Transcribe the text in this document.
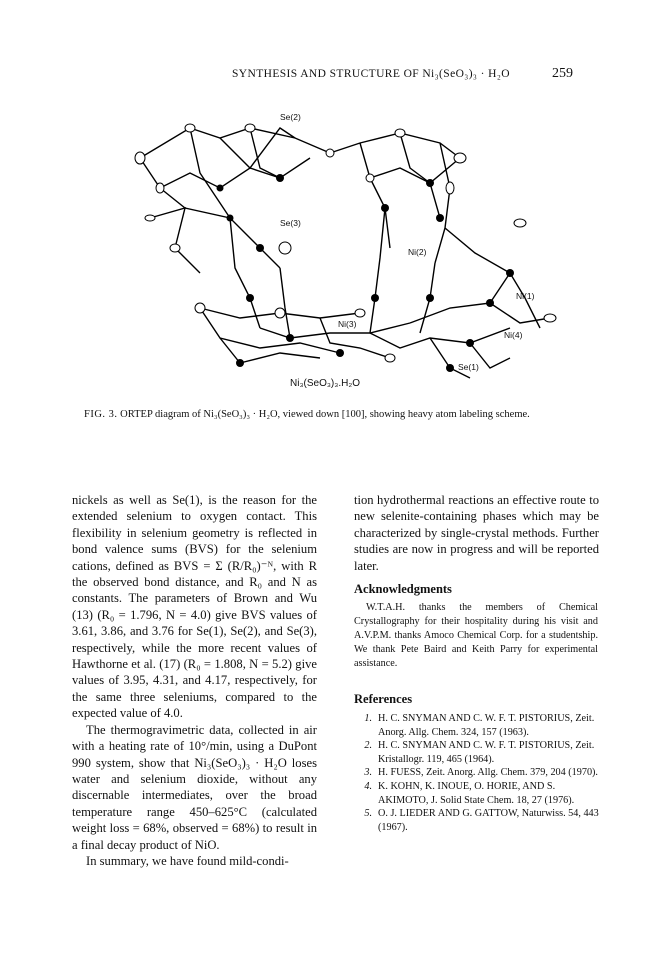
SYNTHESIS AND STRUCTURE OF Ni₃(SeO₃)₃ · H₂O	259
Se(2)
Se(3)
Ni(2)
Ni(1)
Ni(3)
Ni(4)
Se(1)
Ni₃(SeO₃)₃.H₂O
FIG. 3. ORTEP diagram of Ni₃(SeO₃)₃ · H₂O, viewed down [100], showing heavy atom labeling scheme.

nickels as well as Se(1), is the reason for the extended selenium to oxygen contact. This flexibility in selenium geometry is reflected in bond valence sums (BVS) for the selenium cations, defined as BVS = Σ (R/R₀)⁻ᴺ, with R the observed bond distance, and R₀ and N as constants. The parameters of Brown and Wu (13) (R₀ = 1.796, N = 4.0) give BVS values of 3.61, 3.86, and 3.76 for Se(1), Se(2), and Se(3), respectively, while the more recent values of Hawthorne et al. (17) (R₀ = 1.808, N = 5.2) give values of 3.95, 4.31, and 4.17, respectively, for the same three seleniums, compared to the expected value of 4.0.

The thermogravimetric data, collected in air with a heating rate of 10°/min, using a DuPont 990 system, show that Ni₃(SeO₃)₃ · H₂O loses water and selenium dioxide, without any discernable intermediates, over the broad temperature range 450–625°C (calculated weight loss = 68%, observed = 68%) to result in a final decay product of NiO.

In summary, we have found mild-condi-

tion hydrothermal reactions an effective route to new selenite-containing phases which may be characterized by single-crystal methods. Further studies are now in progress and will be reported later.

Acknowledgments
W.T.A.H. thanks the members of Chemical Crystallography for their hospitality during his visit and A.V.P.M. thanks Amoco Chemical Corp. for a studentship. We thank Pete Baird and Keith Parry for experimental assistance.
References
1. H. C. SNYMAN AND C. W. F. T. PISTORIUS, Zeit. Anorg. Allg. Chem. 324, 157 (1963).
2. H. C. SNYMAN AND C. W. F. T. PISTORIUS, Zeit. Kristallogr. 119, 465 (1964).
3. H. FUESS, Zeit. Anorg. Allg. Chem. 379, 204 (1970).
4. K. KOHN, K. INOUE, O. HORIE, AND S. AKIMOTO, J. Solid State Chem. 18, 27 (1976).
5. O. J. LIEDER AND G. GATTOW, Naturwiss. 54, 443 (1967).
